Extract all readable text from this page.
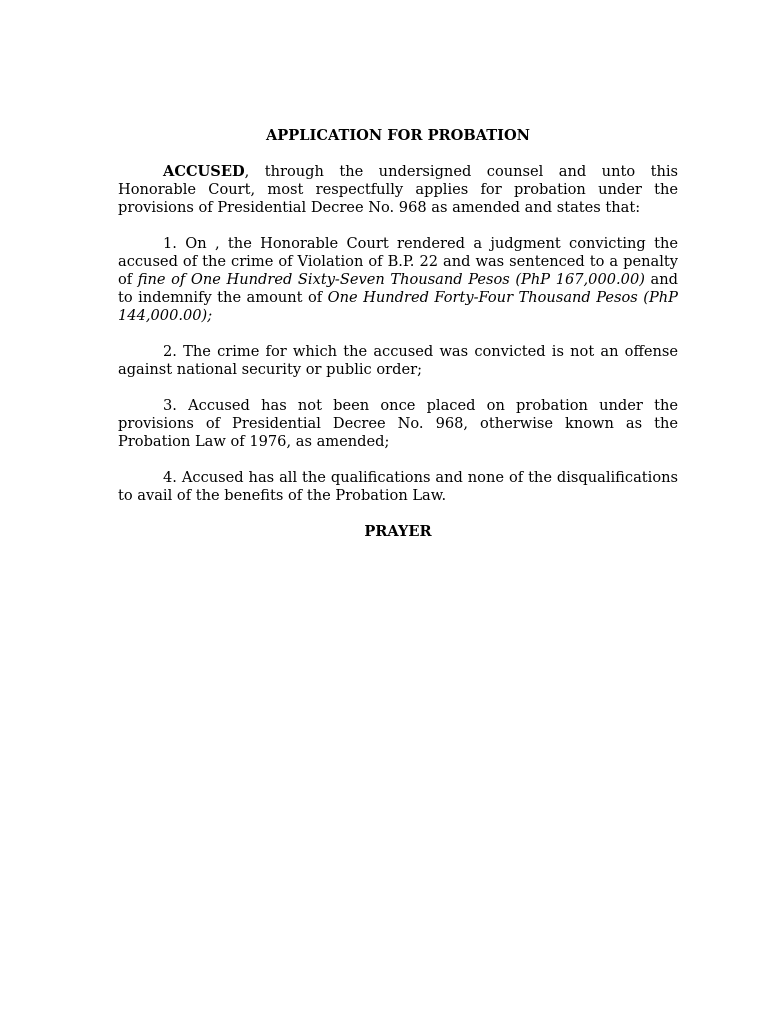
APPLICATION FOR PROBATION

ACCUSED, through the undersigned counsel and unto this Honorable Court, most respectfully applies for probation under the provisions of Presidential Decree No. 968 as amended and states that:

1. On , the Honorable Court rendered a judgment convicting the accused of the crime of Violation of B.P. 22 and was sentenced to a penalty of fine of One Hundred Sixty-Seven Thousand Pesos (PhP 167,000.00) and to indemnify the amount of One Hundred Forty-Four Thousand Pesos (PhP 144,000.00);

2. The crime for which the accused was convicted is not an offense against national security or public order;

3. Accused has not been once placed on probation under the provisions of Presidential Decree No. 968, otherwise known as the Probation Law of 1976, as amended;

4. Accused has all the qualifications and none of the disqualifications to avail of the benefits of the Probation Law.

PRAYER
